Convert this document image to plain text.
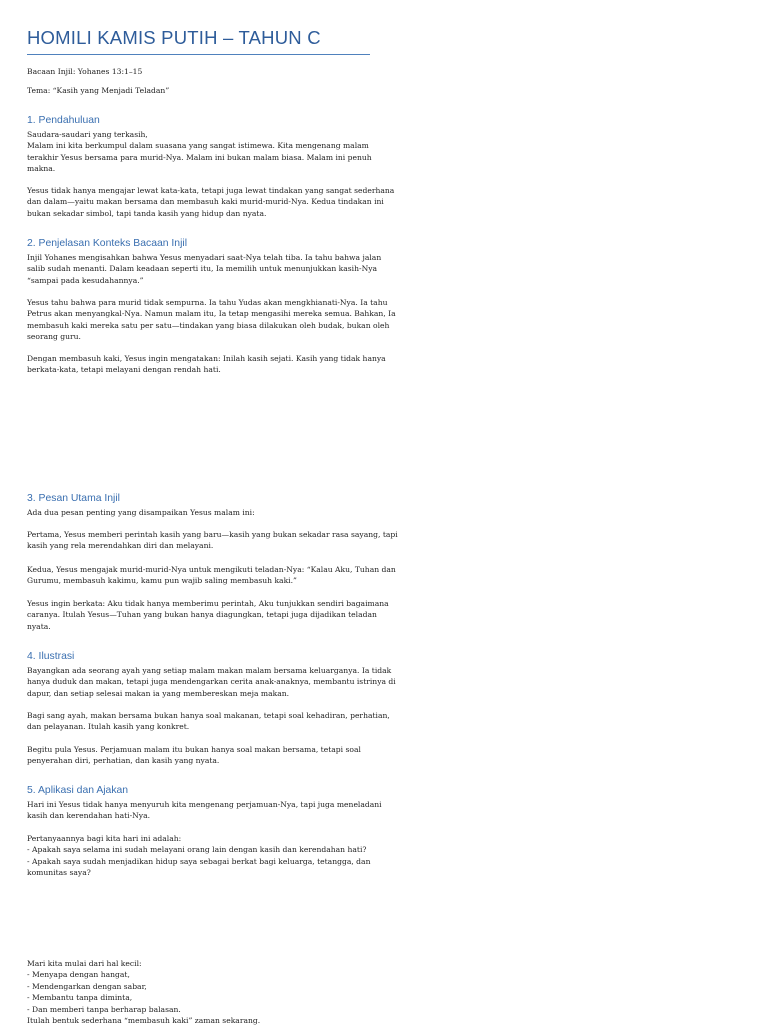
HOMILI KAMIS PUTIH – TAHUN C
Bacaan Injil: Yohanes 13:1–15
Tema: “Kasih yang Menjadi Teladan”
1. Pendahuluan
Saudara-saudari yang terkasih,
Malam ini kita berkumpul dalam suasana yang sangat istimewa. Kita mengenang malam
terakhir Yesus bersama para murid-Nya. Malam ini bukan malam biasa. Malam ini penuh
makna.
Yesus tidak hanya mengajar lewat kata-kata, tetapi juga lewat tindakan yang sangat sederhana
dan dalam—yaitu makan bersama dan membasuh kaki murid-murid-Nya. Kedua tindakan ini
bukan sekadar simbol, tapi tanda kasih yang hidup dan nyata.
2. Penjelasan Konteks Bacaan Injil
Injil Yohanes mengisahkan bahwa Yesus menyadari saat-Nya telah tiba. Ia tahu bahwa jalan
salib sudah menanti. Dalam keadaan seperti itu, Ia memilih untuk menunjukkan kasih-Nya
“sampai pada kesudahannya.”
Yesus tahu bahwa para murid tidak sempurna. Ia tahu Yudas akan mengkhianati-Nya. Ia tahu
Petrus akan menyangkal-Nya. Namun malam itu, Ia tetap mengasihi mereka semua. Bahkan, Ia
membasuh kaki mereka satu per satu—tindakan yang biasa dilakukan oleh budak, bukan oleh
seorang guru.
Dengan membasuh kaki, Yesus ingin mengatakan: Inilah kasih sejati. Kasih yang tidak hanya
berkata-kata, tetapi melayani dengan rendah hati.
3. Pesan Utama Injil
Ada dua pesan penting yang disampaikan Yesus malam ini:
Pertama, Yesus memberi perintah kasih yang baru—kasih yang bukan sekadar rasa sayang, tapi
kasih yang rela merendahkan diri dan melayani.
Kedua, Yesus mengajak murid-murid-Nya untuk mengikuti teladan-Nya: “Kalau Aku, Tuhan dan
Gurumu, membasuh kakimu, kamu pun wajib saling membasuh kaki.”
Yesus ingin berkata: Aku tidak hanya memberimu perintah, Aku tunjukkan sendiri bagaimana
caranya. Itulah Yesus—Tuhan yang bukan hanya diagungkan, tetapi juga dijadikan teladan
nyata.
4. Ilustrasi
Bayangkan ada seorang ayah yang setiap malam makan malam bersama keluarganya. Ia tidak
hanya duduk dan makan, tetapi juga mendengarkan cerita anak-anaknya, membantu istrinya di
dapur, dan setiap selesai makan ia yang membereskan meja makan.
Bagi sang ayah, makan bersama bukan hanya soal makanan, tetapi soal kehadiran, perhatian,
dan pelayanan. Itulah kasih yang konkret.
Begitu pula Yesus. Perjamuan malam itu bukan hanya soal makan bersama, tetapi soal
penyerahan diri, perhatian, dan kasih yang nyata.
5. Aplikasi dan Ajakan
Hari ini Yesus tidak hanya menyuruh kita mengenang perjamuan-Nya, tapi juga meneladani
kasih dan kerendahan hati-Nya.
Pertanyaannya bagi kita hari ini adalah:
- Apakah saya selama ini sudah melayani orang lain dengan kasih dan kerendahan hati?
- Apakah saya sudah menjadikan hidup saya sebagai berkat bagi keluarga, tetangga, dan
komunitas saya?
Mari kita mulai dari hal kecil:
- Menyapa dengan hangat,
- Mendengarkan dengan sabar,
- Membantu tanpa diminta,
- Dan memberi tanpa berharap balasan.
Itulah bentuk sederhana “membasuh kaki” zaman sekarang.
